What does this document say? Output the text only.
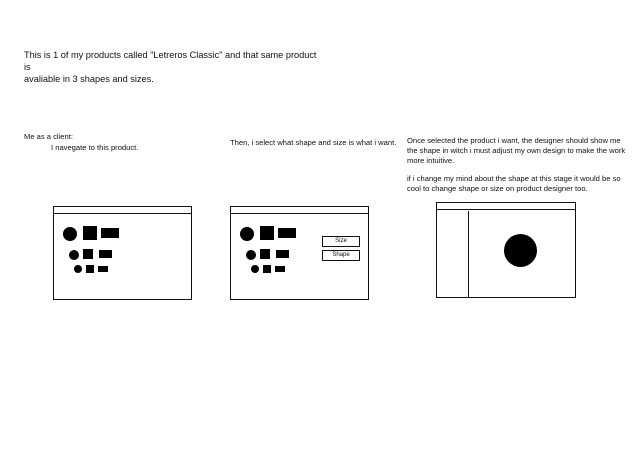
This is 1 of my products called "Letreros Classic" and that same product is
avaliable in 3 shapes and sizes.
Me as a client:
I navegate to this product.
Then, i select what shape and size is what i want. Once selected the product i want, the designer should show me
the shape in witch i must adjust my own design to make the work
more intuitive.
if i change my mind about the shape at this stage it would be so
cool to change shape or size on product designer too.
Size
Shape
